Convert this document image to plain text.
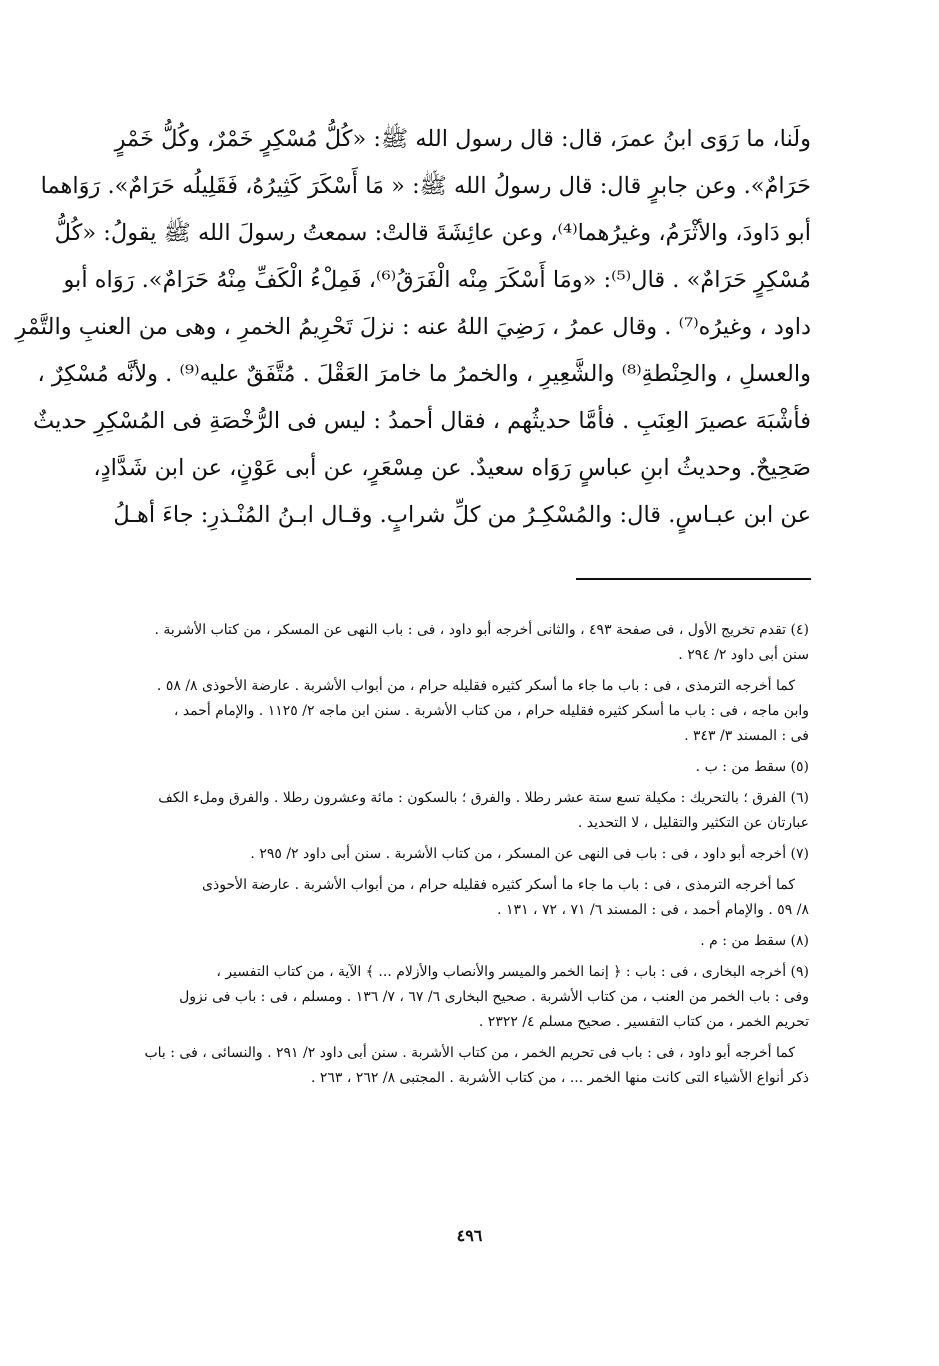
ولَنا، ما رَوَى ابنُ عمرَ، قال: قال رسول الله ﷺ: «كُلُّ مُسْكِرٍ خَمْرٌ، وكُلُّ خَمْرٍ
حَرَامٌ». وعن جابرٍ قال: قال رسولُ الله ﷺ: « مَا أَسْكَرَ كَثِيرُهُ، فَقَلِيلُه حَرَامٌ». رَوَاهما
أبو دَاودَ، والأثْرَمُ، وغيرُهما⁽⁴⁾، وعن عائِشَةَ قالتْ: سمعتُ رسولَ الله ﷺ يقولُ: «كُلُّ
مُسْكِرٍ حَرَامٌ» . قال⁽⁵⁾: «ومَا أَسْكَرَ مِنْه الْفَرَقُ⁽⁶⁾، فَمِلْءُ الْكَفِّ مِنْهُ حَرَامٌ». رَوَاه أبو
داود ، وغيرُه⁽⁷⁾ . وقال عمرُ ، رَضِيَ اللهُ عنه : نزلَ تَحْرِيمُ الخمرِ ، وهى من العنبِ والتَّمْرِ
والعسلِ ، والحِنْطةِ⁽⁸⁾ والشَّعِيرِ ، والخمرُ ما خامرَ العَقْلَ . مُتَّفَقٌ عليه⁽⁹⁾ . ولأنَّه مُسْكِرٌ ،
فأشْبَهَ عصيرَ العِنَبِ . فأمَّا حديثُهم ، فقال أحمدُ : ليس فى الرُّخْصَةِ فى المُسْكِرِ حديثٌ
صَحِيحٌ. وحديثُ ابنِ عباسٍ رَوَاه سعيدٌ. عن مِسْعَرٍ، عن أبى عَوْنٍ، عن ابن شَدَّادٍ،
عن ابن عبـاسٍ. قال: والمُسْكِـرُ من كلِّ شرابٍ. وقـال ابـنُ المُنْـذرِ: جاءَ أهـلُ
(٤) تقدم تخريج الأول ، فى صفحة ٤٩٣ ، والثانى أخرجه أبو داود ، فى : باب النهى عن المسكر ، من كتاب الأشربة .
سنن أبى داود ٢/ ٢٩٤ .
كما أخرجه الترمذى ، فى : باب ما جاء ما أسكر كثيره فقليله حرام ، من أبواب الأشربة . عارضة الأحوذى ٨/ ٥٨ .
وابن ماجه ، فى : باب ما أسكر كثيره فقليله حرام ، من كتاب الأشربة . سنن ابن ماجه ٢/ ١١٢٥ . والإمام أحمد ،
فى : المسند ٣/ ٣٤٣ .
(٥) سقط من : ب .
(٦) الفرق ؛ بالتحريك : مكيلة تسع ستة عشر رطلا . والفرق ؛ بالسكون : مائة وعشرون رطلا . والفرق وملء الكف
عبارتان عن التكثير والتقليل ، لا التحديد .
(٧) أخرجه أبو داود ، فى : باب فى النهى عن المسكر ، من كتاب الأشربة . سنن أبى داود ٢/ ٢٩٥ .
كما أخرجه الترمذى ، فى : باب ما جاء ما أسكر كثيره فقليله حرام ، من أبواب الأشربة . عارضة الأحوذى
٨/ ٥٩ . والإمام أحمد ، فى : المسند ٦/ ٧١ ، ٧٢ ، ١٣١ .
(٨) سقط من : م .
(٩) أخرجه البخارى ، فى : باب : ﴿ إنما الخمر والميسر والأنصاب والأزلام ... ﴾ الآية ، من كتاب التفسير ،
وفى : باب الخمر من العنب ، من كتاب الأشربة . صحيح البخارى ٦/ ٦٧ ، ٧/ ١٣٦ . ومسلم ، فى : باب فى نزول
تحريم الخمر ، من كتاب التفسير . صحيح مسلم ٤/ ٢٣٢٢ .
كما أخرجه أبو داود ، فى : باب فى تحريم الخمر ، من كتاب الأشربة . سنن أبى داود ٢/ ٢٩١ . والنسائى ، فى : باب
ذكر أنواع الأشياء التى كانت منها الخمر ... ، من كتاب الأشربة . المجتبى ٨/ ٢٦٢ ، ٢٦٣ .
٤٩٦
